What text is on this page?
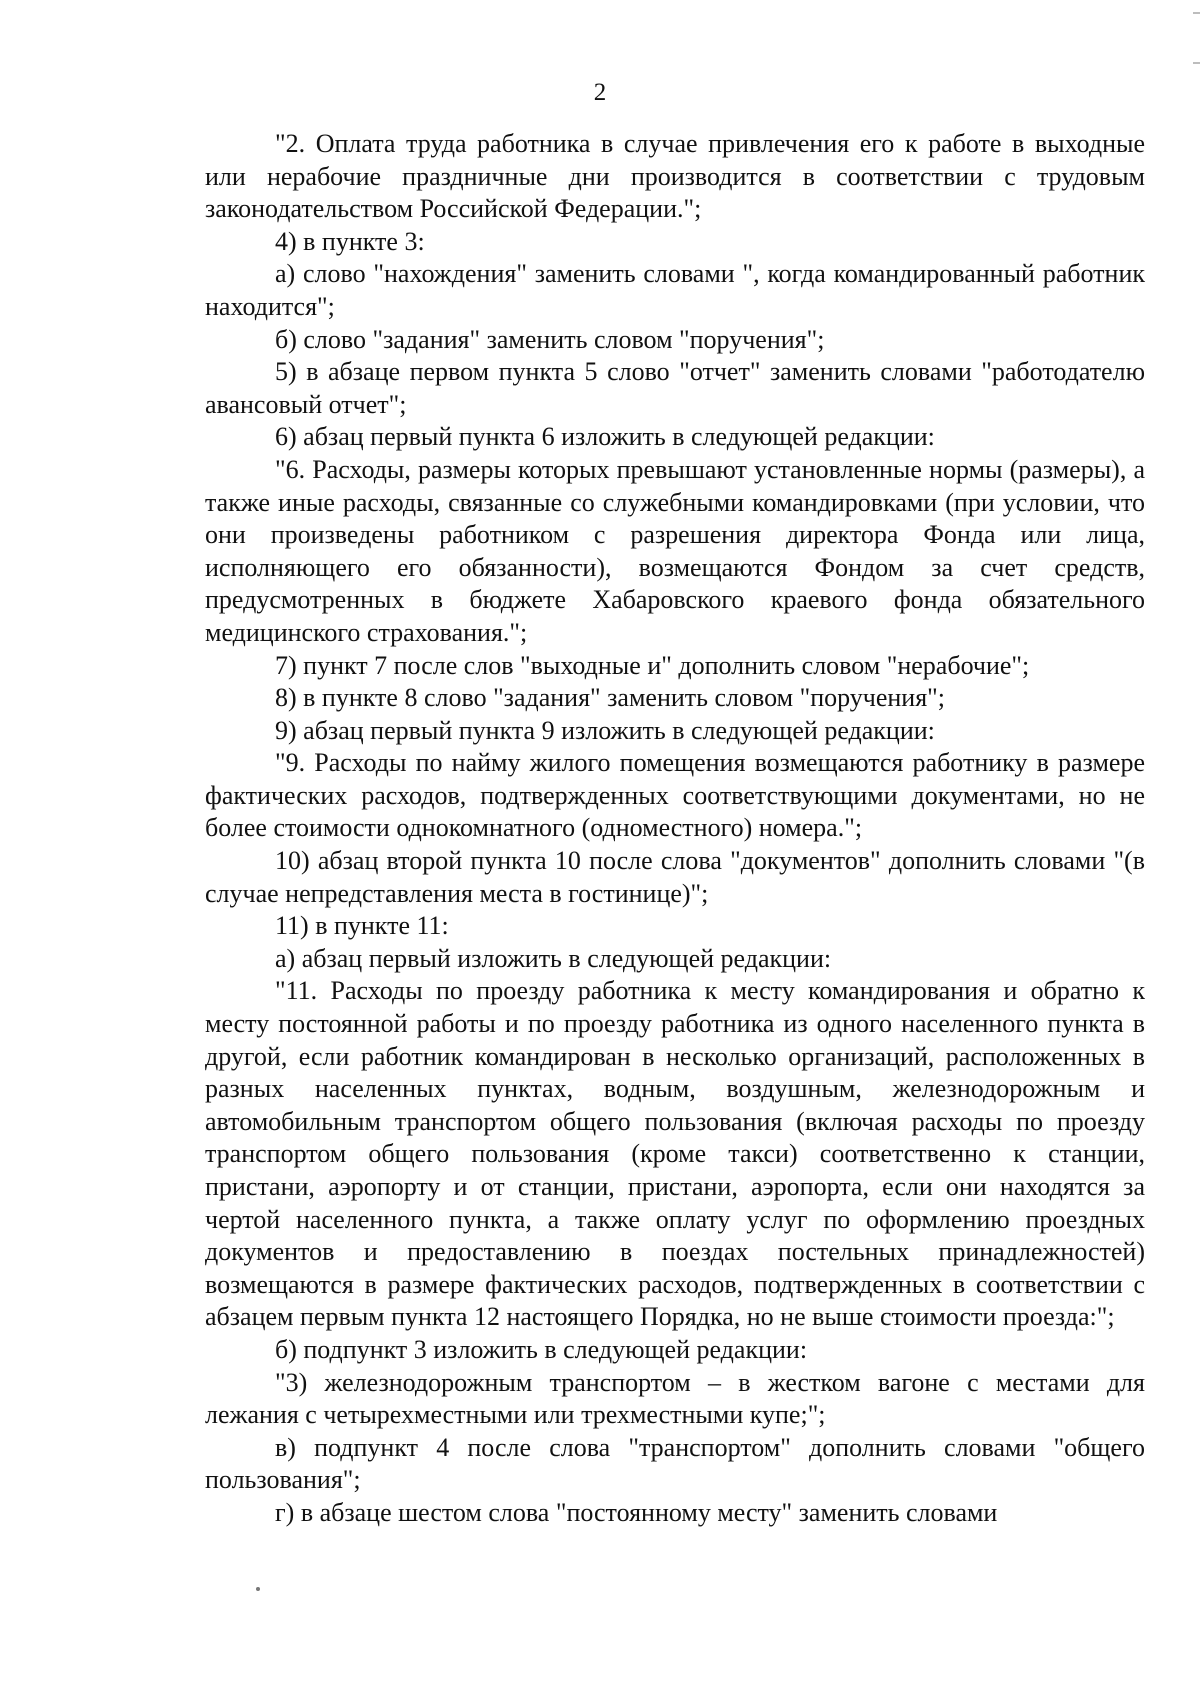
2

"2. Оплата труда работника в случае привлечения его к работе в выходные или нерабочие праздничные дни производится в соответствии с трудовым законодательством Российской Федерации.";

4) в пункте 3:

а) слово "нахождения" заменить словами ", когда командированный работник находится";

б) слово "задания" заменить словом "поручения";

5) в абзаце первом пункта 5 слово "отчет" заменить словами "работодателю авансовый отчет";

6) абзац первый пункта 6 изложить в следующей редакции:

"6. Расходы, размеры которых превышают установленные нормы (размеры), а также иные расходы, связанные со служебными командировками (при условии, что они произведены работником с разрешения директора Фонда или лица, исполняющего его обязанности), возмещаются Фондом за счет средств, предусмотренных в бюджете Хабаровского краевого фонда обязательного медицинского страхования.";

7) пункт 7 после слов "выходные и" дополнить словом "нерабочие";

8) в пункте 8 слово "задания" заменить словом "поручения";

9) абзац первый пункта 9 изложить в следующей редакции:

"9. Расходы по найму жилого помещения возмещаются работнику в размере фактических расходов, подтвержденных соответствующими документами, но не более стоимости однокомнатного (одноместного) номера.";

10) абзац второй пункта 10 после слова "документов" дополнить словами "(в случае непредставления места в гостинице)";

11) в пункте 11:

а) абзац первый изложить в следующей редакции:

"11. Расходы по проезду работника к месту командирования и обратно к месту постоянной работы и по проезду работника из одного населенного пункта в другой, если работник командирован в несколько организаций, расположенных в разных населенных пунктах, водным, воздушным, железнодорожным и автомобильным транспортом общего пользования (включая расходы по проезду транспортом общего пользования (кроме такси) соответственно к станции, пристани, аэропорту и от станции, пристани, аэропорта, если они находятся за чертой населенного пункта, а также оплату услуг по оформлению проездных документов и предоставлению в поездах постельных принадлежностей) возмещаются в размере фактических расходов, подтвержденных в соответствии с абзацем первым пункта 12 настоящего Порядка, но не выше стоимости проезда:";

б) подпункт 3 изложить в следующей редакции:

"3) железнодорожным транспортом – в жестком вагоне с местами для лежания с четырехместными или трехместными купе;";

в) подпункт 4 после слова "транспортом" дополнить словами "общего пользования";

г) в абзаце шестом слова "постоянному месту" заменить словами
